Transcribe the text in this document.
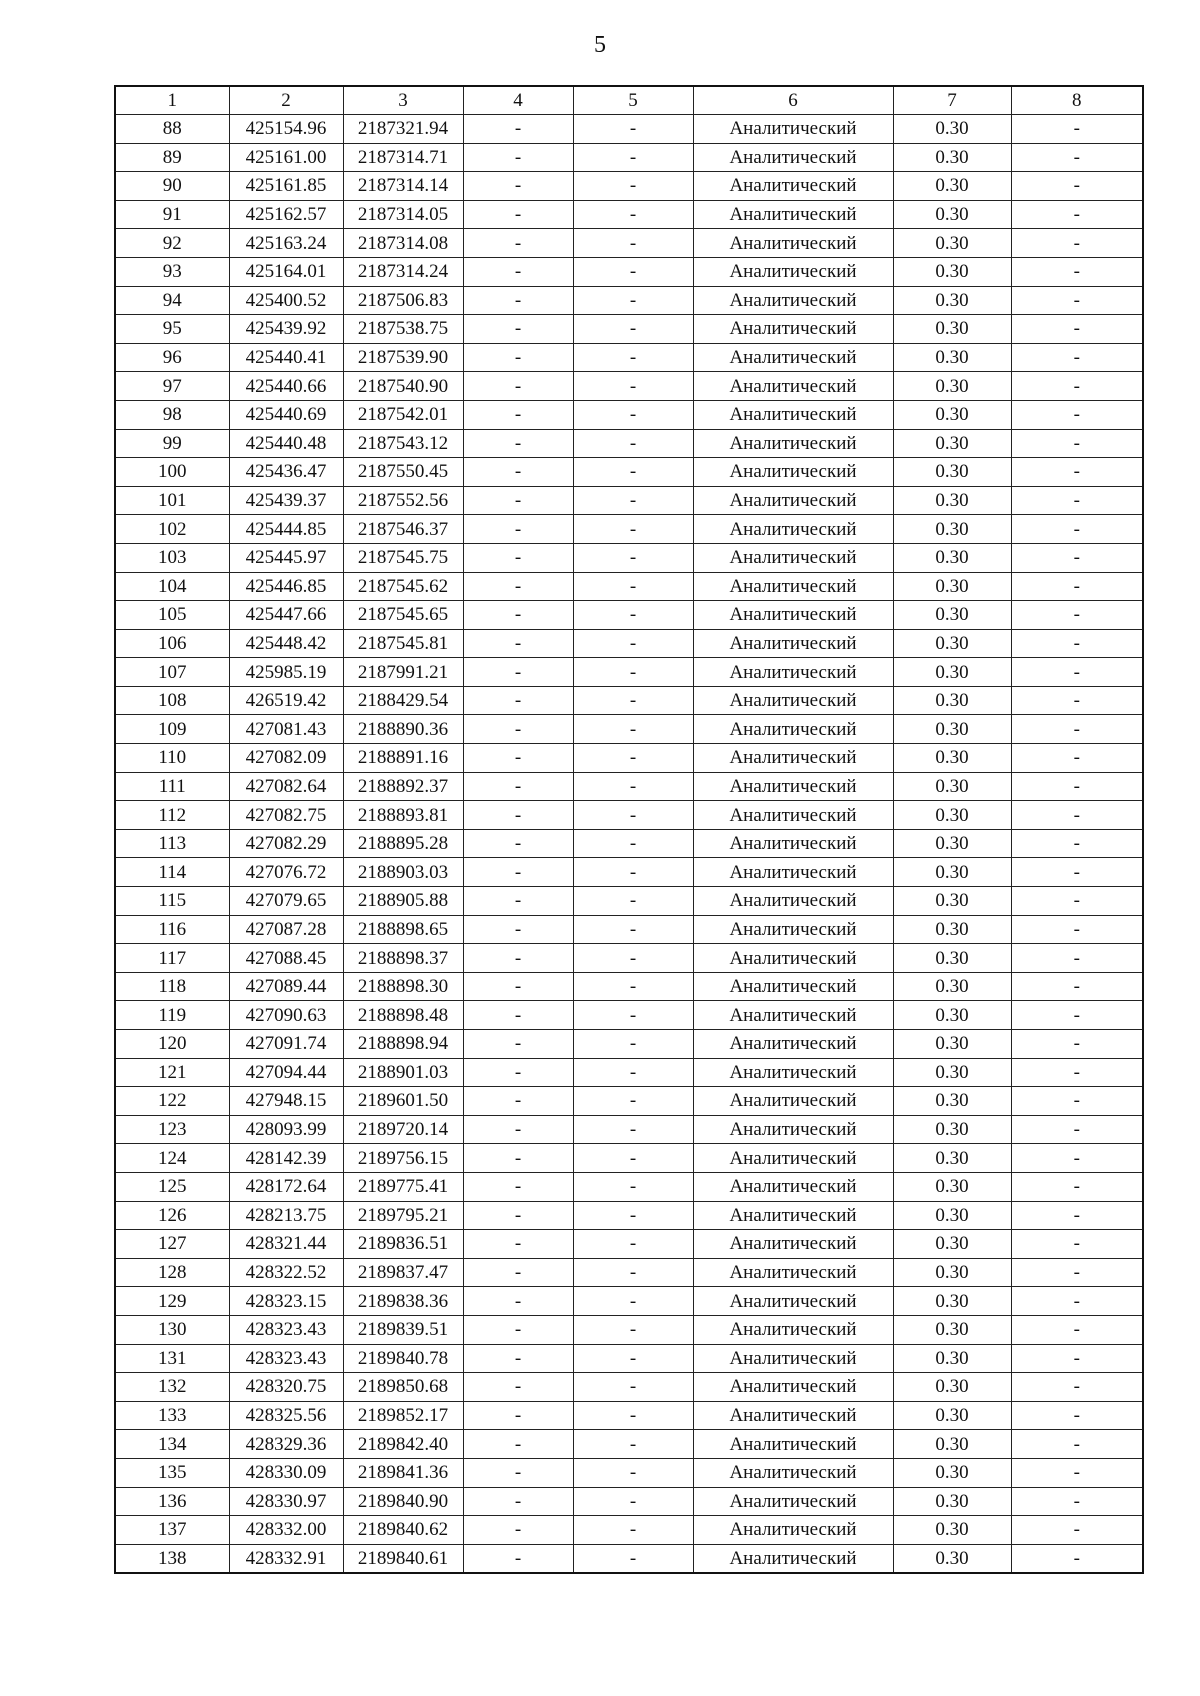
5
1	2	3	4	5	6	7	8
88	425154.96	2187321.94	-	-	Аналитический	0.30	-
89	425161.00	2187314.71	-	-	Аналитический	0.30	-
90	425161.85	2187314.14	-	-	Аналитический	0.30	-
91	425162.57	2187314.05	-	-	Аналитический	0.30	-
92	425163.24	2187314.08	-	-	Аналитический	0.30	-
93	425164.01	2187314.24	-	-	Аналитический	0.30	-
94	425400.52	2187506.83	-	-	Аналитический	0.30	-
95	425439.92	2187538.75	-	-	Аналитический	0.30	-
96	425440.41	2187539.90	-	-	Аналитический	0.30	-
97	425440.66	2187540.90	-	-	Аналитический	0.30	-
98	425440.69	2187542.01	-	-	Аналитический	0.30	-
99	425440.48	2187543.12	-	-	Аналитический	0.30	-
100	425436.47	2187550.45	-	-	Аналитический	0.30	-
101	425439.37	2187552.56	-	-	Аналитический	0.30	-
102	425444.85	2187546.37	-	-	Аналитический	0.30	-
103	425445.97	2187545.75	-	-	Аналитический	0.30	-
104	425446.85	2187545.62	-	-	Аналитический	0.30	-
105	425447.66	2187545.65	-	-	Аналитический	0.30	-
106	425448.42	2187545.81	-	-	Аналитический	0.30	-
107	425985.19	2187991.21	-	-	Аналитический	0.30	-
108	426519.42	2188429.54	-	-	Аналитический	0.30	-
109	427081.43	2188890.36	-	-	Аналитический	0.30	-
110	427082.09	2188891.16	-	-	Аналитический	0.30	-
111	427082.64	2188892.37	-	-	Аналитический	0.30	-
112	427082.75	2188893.81	-	-	Аналитический	0.30	-
113	427082.29	2188895.28	-	-	Аналитический	0.30	-
114	427076.72	2188903.03	-	-	Аналитический	0.30	-
115	427079.65	2188905.88	-	-	Аналитический	0.30	-
116	427087.28	2188898.65	-	-	Аналитический	0.30	-
117	427088.45	2188898.37	-	-	Аналитический	0.30	-
118	427089.44	2188898.30	-	-	Аналитический	0.30	-
119	427090.63	2188898.48	-	-	Аналитический	0.30	-
120	427091.74	2188898.94	-	-	Аналитический	0.30	-
121	427094.44	2188901.03	-	-	Аналитический	0.30	-
122	427948.15	2189601.50	-	-	Аналитический	0.30	-
123	428093.99	2189720.14	-	-	Аналитический	0.30	-
124	428142.39	2189756.15	-	-	Аналитический	0.30	-
125	428172.64	2189775.41	-	-	Аналитический	0.30	-
126	428213.75	2189795.21	-	-	Аналитический	0.30	-
127	428321.44	2189836.51	-	-	Аналитический	0.30	-
128	428322.52	2189837.47	-	-	Аналитический	0.30	-
129	428323.15	2189838.36	-	-	Аналитический	0.30	-
130	428323.43	2189839.51	-	-	Аналитический	0.30	-
131	428323.43	2189840.78	-	-	Аналитический	0.30	-
132	428320.75	2189850.68	-	-	Аналитический	0.30	-
133	428325.56	2189852.17	-	-	Аналитический	0.30	-
134	428329.36	2189842.40	-	-	Аналитический	0.30	-
135	428330.09	2189841.36	-	-	Аналитический	0.30	-
136	428330.97	2189840.90	-	-	Аналитический	0.30	-
137	428332.00	2189840.62	-	-	Аналитический	0.30	-
138	428332.91	2189840.61	-	-	Аналитический	0.30	-
